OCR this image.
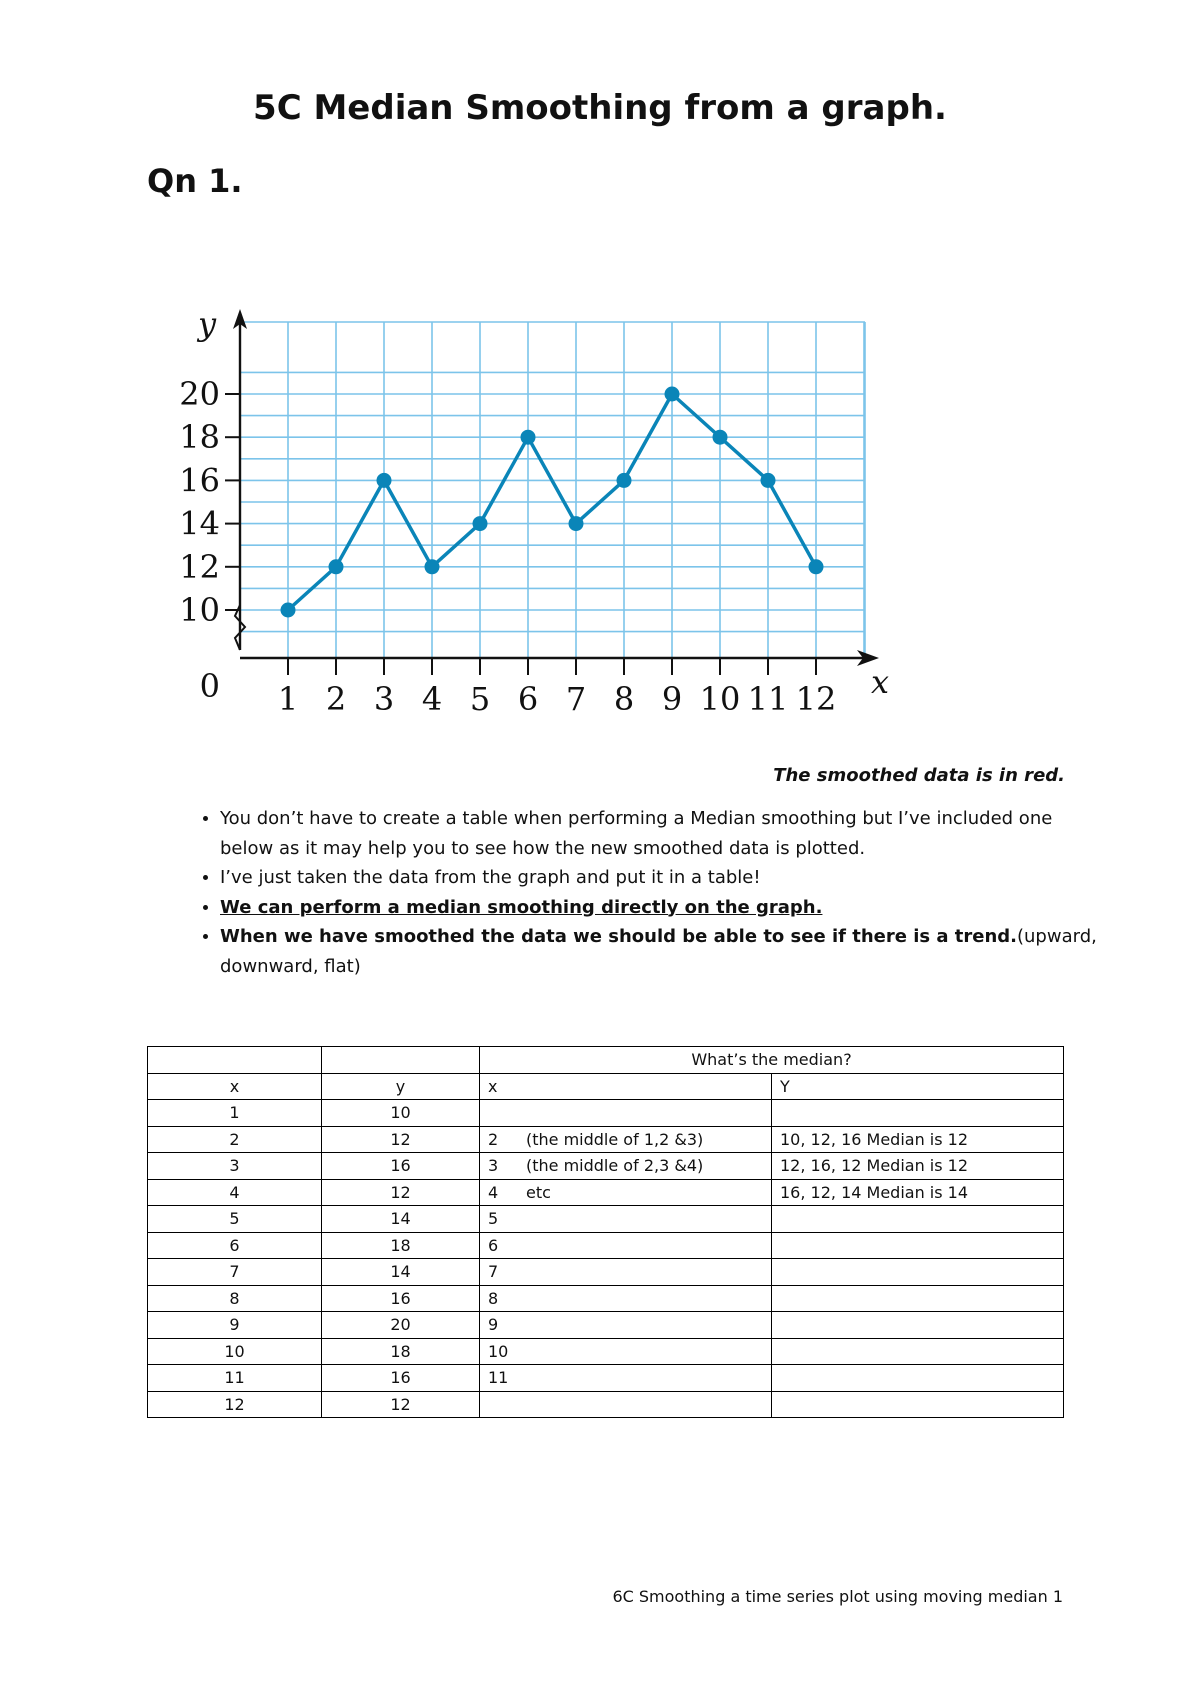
5C Median Smoothing from a graph.
Qn 1.
10
12
14
16
18
20
1 2 3 4 5 6 7 8 9 10 11 12
0
y
x
The smoothed data is in red.
• You don’t have to create a table when performing a Median smoothing but I’ve included one below as it may help you to see how the new smoothed data is plotted.
• I’ve just taken the data from the graph and put it in a table!
• We can perform a median smoothing directly on the graph.
• When we have smoothed the data we should be able to see if there is a trend.(upward, downward, flat)
		What’s the median?	
x	y	x	Y
1	10		
2	12	2 (the middle of 1,2 &3)	10, 12, 16 Median is 12
3	16	3 (the middle of 2,3 &4)	12, 16, 12 Median is 12
4	12	4 etc	16, 12, 14 Median is 14
5	14	5	
6	18	6	
7	14	7	
8	16	8	
9	20	9	
10	18	10	
11	16	11	
12	12		
6C Smoothing a time series plot using moving median 1
